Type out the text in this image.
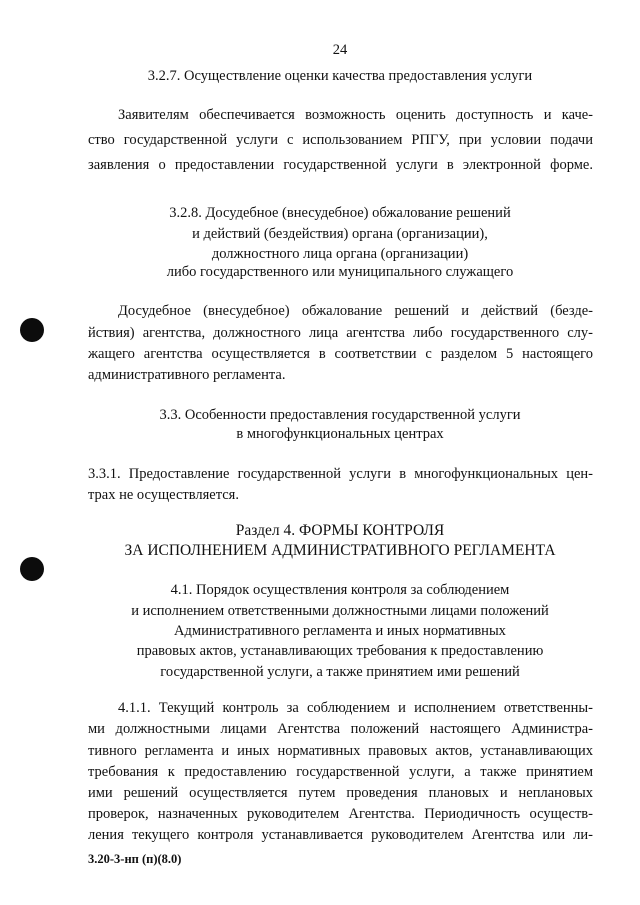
24
3.2.7. Осуществление оценки качества предоставления услуги
Заявителям обеспечивается возможность оценить доступность и каче-
ство государственной услуги с использованием РПГУ, при условии подачи
заявления о предоставлении государственной услуги в электронной форме.
3.2.8. Досудебное (внесудебное) обжалование решений
и действий (бездействия) органа (организации),
должностного лица органа (организации)
либо государственного или муниципального служащего
Досудебное (внесудебное) обжалование решений и действий (безде-
йствия) агентства, должностного лица агентства либо государственного слу-
жащего агентства осуществляется в соответствии с разделом 5 настоящего
административного регламента.
3.3. Особенности предоставления государственной услуги
в многофункциональных центрах
3.3.1. Предоставление государственной услуги в многофункциональных цен-
трах не осуществляется.
Раздел 4. ФОРМЫ КОНТРОЛЯ
ЗА ИСПОЛНЕНИЕМ АДМИНИСТРАТИВНОГО РЕГЛАМЕНТА
4.1. Порядок осуществления контроля за соблюдением
и исполнением ответственными должностными лицами положений
Административного регламента и иных нормативных
правовых актов, устанавливающих требования к предоставлению
государственной услуги, а также принятием ими решений
4.1.1. Текущий контроль за соблюдением и исполнением ответственны-
ми должностными лицами Агентства положений настоящего Администра-
тивного регламента и иных нормативных правовых актов, устанавливающих
требования к предоставлению государственной услуги, а также принятием
ими решений осуществляется путем проведения плановых и неплановых
проверок, назначенных руководителем Агентства. Периодичность осуществ-
ления текущего контроля устанавливается руководителем Агентства или ли-
3.20-3-нп (п)(8.0)
